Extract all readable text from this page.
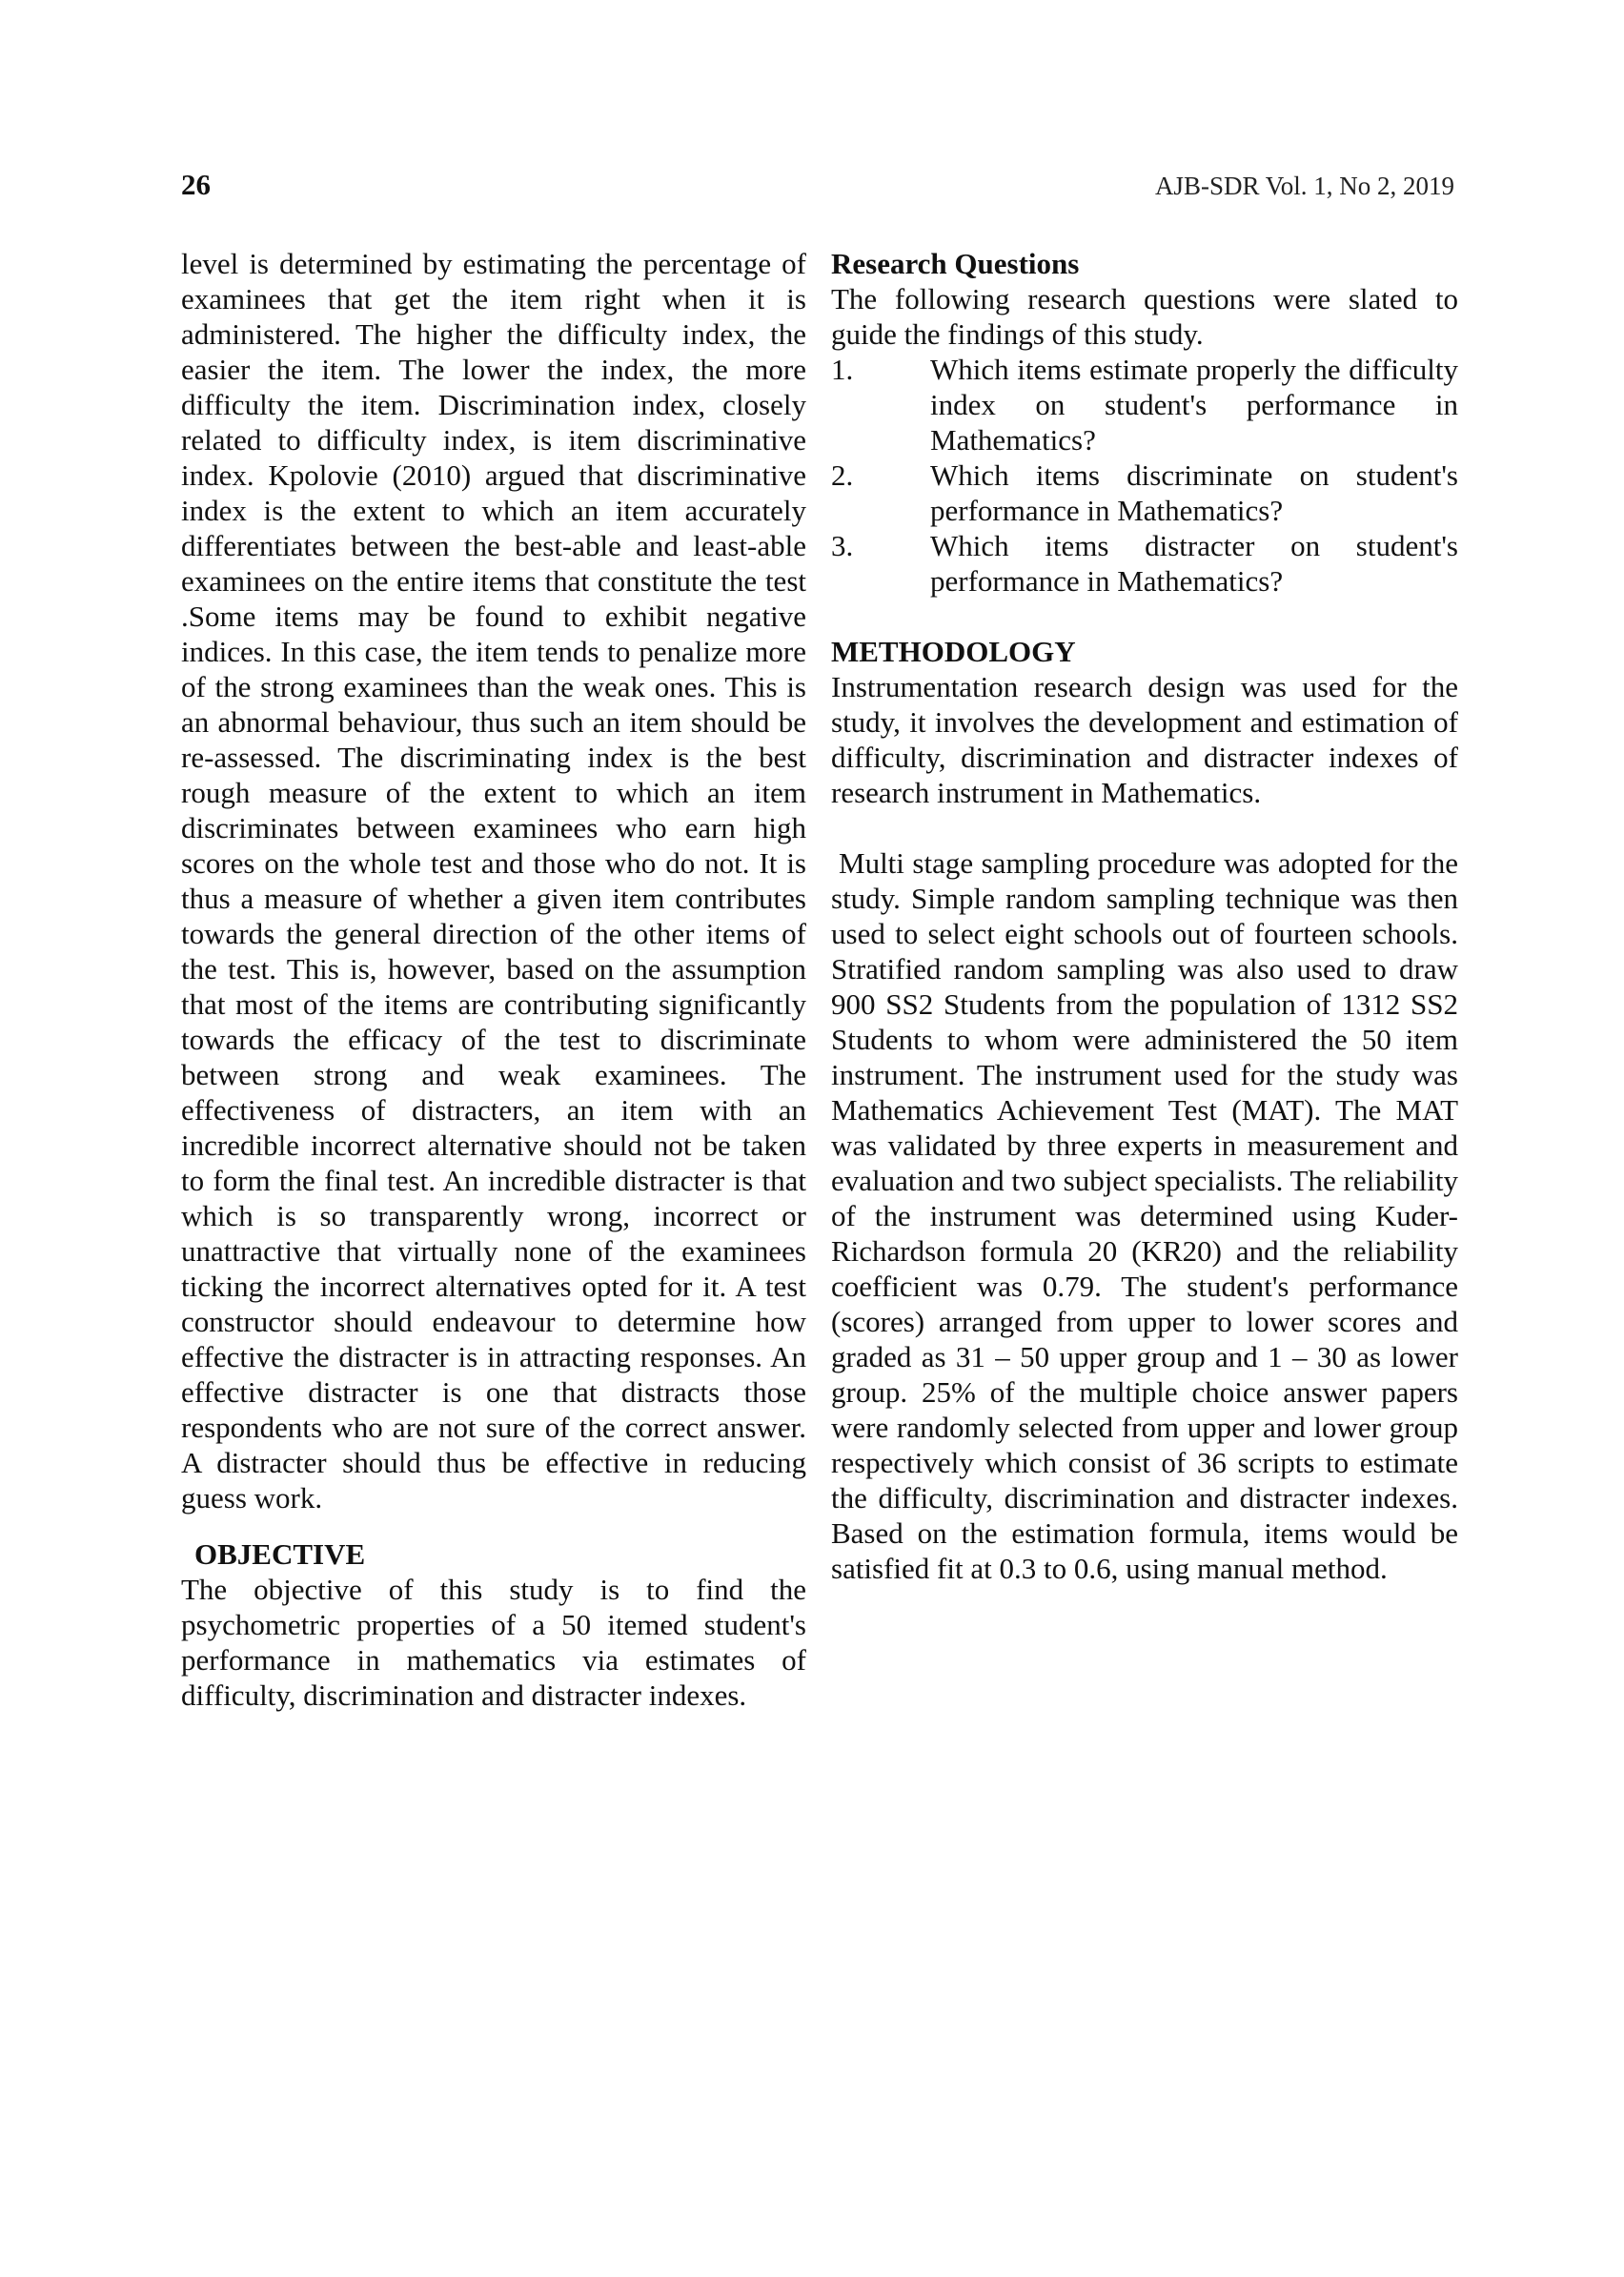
26	AJB-SDR Vol. 1, No 2, 2019

level is determined by estimating the percentage of examinees that get the item right when it is administered. The higher the difficulty index, the easier the item. The lower the index, the more difficulty the item. Discrimination index, closely related to difficulty index, is item discriminative index. Kpolovie (2010) argued that discriminative index is the extent to which an item accurately differentiates between the best-able and least-able examinees on the entire items that constitute the test .Some items may be found to exhibit negative indices. In this case, the item tends to penalize more of the strong examinees than the weak ones. This is an abnormal behaviour, thus such an item should be re-assessed. The discriminating index is the best rough measure of the extent to which an item discriminates between examinees who earn high scores on the whole test and those who do not. It is thus a measure of whether a given item contributes towards the general direction of the other items of the test. This is, however, based on the assumption that most of the items are contributing significantly towards the efficacy of the test to discriminate between strong and weak examinees. The effectiveness of distracters, an item with an incredible incorrect alternative should not be taken to form the final test. An incredible distracter is that which is so transparently wrong, incorrect or unattractive that virtually none of the examinees ticking the incorrect alternatives opted for it. A test constructor should endeavour to determine how effective the distracter is in attracting responses. An effective distracter is one that distracts those respondents who are not sure of the correct answer. A distracter should thus be effective in reducing guess work.

OBJECTIVE

The objective of this study is to find the psychometric properties of a 50 itemed student's performance in mathematics via estimates of difficulty, discrimination and distracter indexes.

Research Questions

The following research questions were slated to guide the findings of this study.

1.	Which items estimate properly the difficulty index on student's performance in Mathematics?
2.	Which items discriminate on student's performance in Mathematics?
3.	Which items distracter on student's performance in Mathematics?

METHODOLOGY

Instrumentation research design was used for the study, it involves the development and estimation of difficulty, discrimination and distracter indexes of research instrument in Mathematics.

Multi stage sampling procedure was adopted for the study. Simple random sampling technique was then used to select eight schools out of fourteen schools. Stratified random sampling was also used to draw 900 SS2 Students from the population of 1312 SS2 Students to whom were administered the 50 item instrument. The instrument used for the study was Mathematics Achievement Test (MAT). The MAT was validated by three experts in measurement and evaluation and two subject specialists. The reliability of the instrument was determined using Kuder-Richardson formula 20 (KR20) and the reliability coefficient was 0.79. The student's performance (scores) arranged from upper to lower scores and graded as 31 – 50 upper group and 1 – 30 as lower group. 25% of the multiple choice answer papers were randomly selected from upper and lower group respectively which consist of 36 scripts to estimate the difficulty, discrimination and distracter indexes. Based on the estimation formula, items would be satisfied fit at 0.3 to 0.6, using manual method.
